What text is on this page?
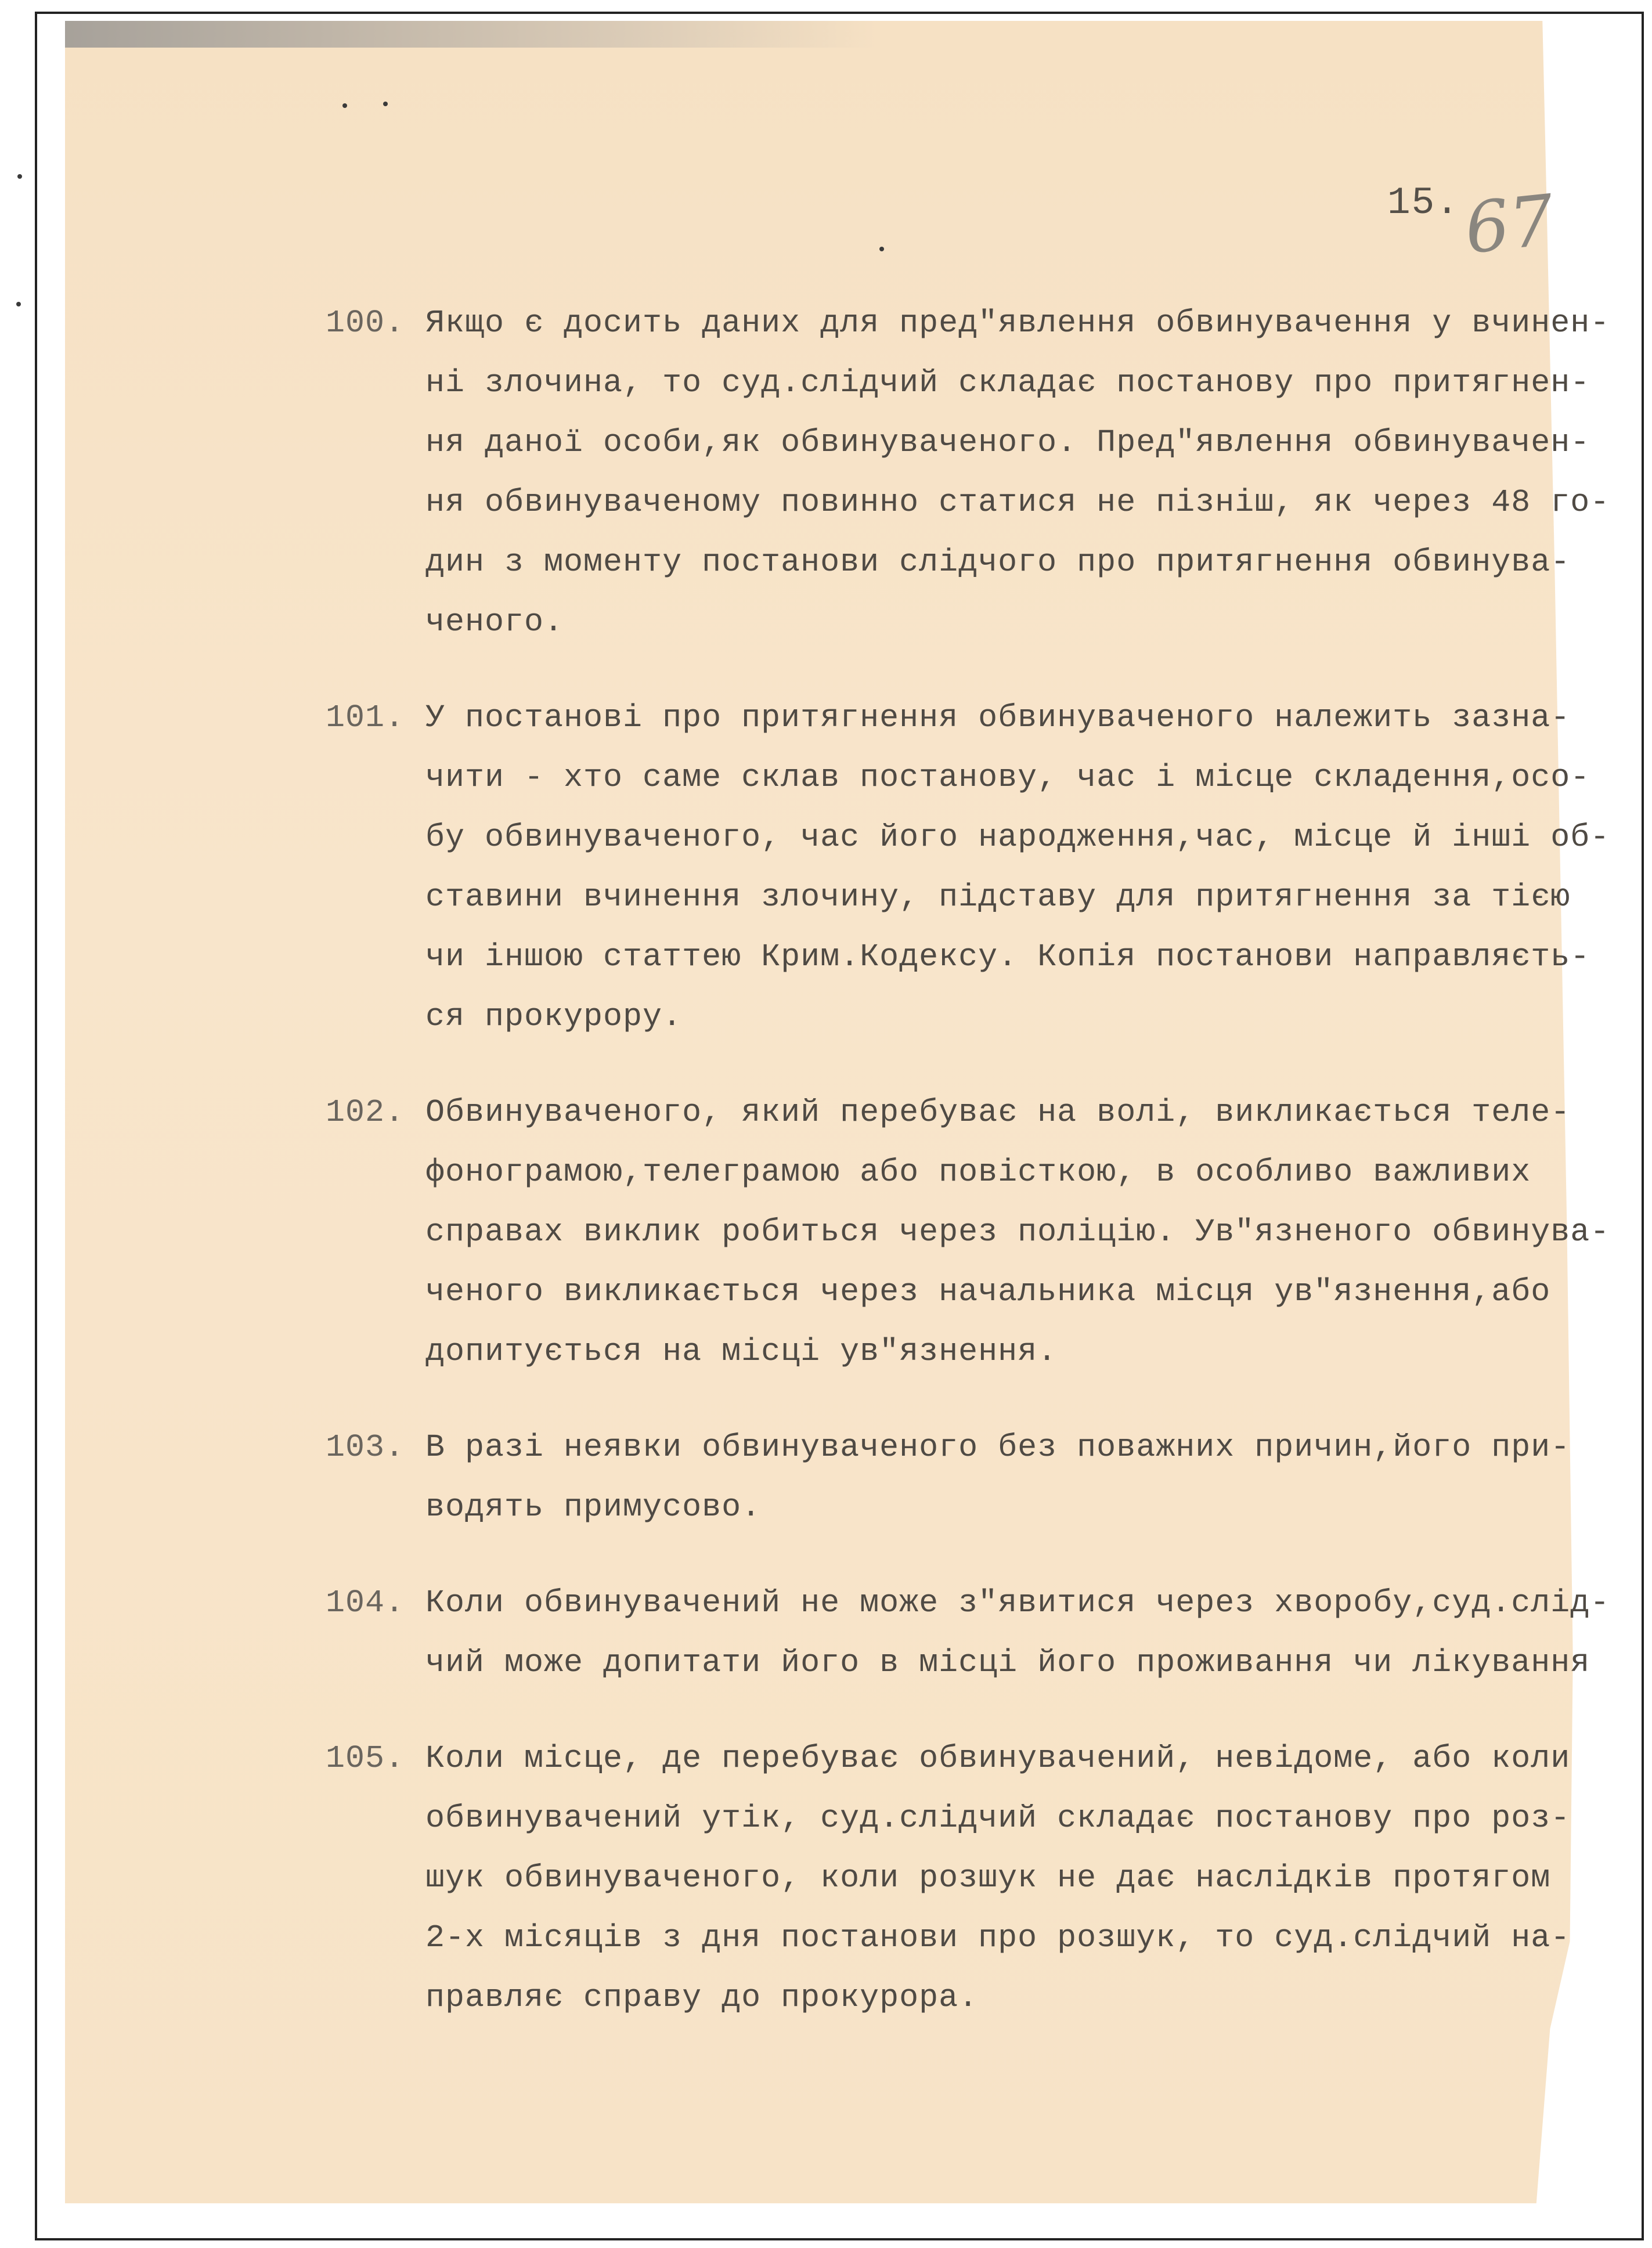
15. 67
100. Якщо є досить даних для пред"явлення обвинувачення у вчинен-
ні злочина, то суд.слідчий складає постанову про притягнен-
ня даної особи,як обвинуваченого. Пред"явлення обвинувачен-
ня обвинуваченому повинно статися не пізніш, як через 48 го-
дин з моменту постанови слідчого про притягнення обвинува-
ченого.
101. У постанові про притягнення обвинуваченого належить зазна-
чити - хто саме склав постанову, час і місце складення,осо-
бу обвинуваченого, час його народження,час, місце й інші об-
ставини вчинення злочину, підставу для притягнення за тією
чи іншою статтею Крим.Кодексу. Копія постанови направляєть-
ся прокурору.
102. Обвинуваченого, який перебуває на волі, викликається теле-
фонограмою,телеграмою або повісткою, в особливо важливих
справах виклик робиться через поліцію. Ув"язненого обвинува-
ченого викликається через начальника місця ув"язнення,або
допитується на місці ув"язнення.
103. В разі неявки обвинуваченого без поважних причин,його при-
водять примусово.
104. Коли обвинувачений не може з"явитися через хворобу,суд.слід-
чий може допитати його в місці його проживання чи лікування
105. Коли місце, де перебуває обвинувачений, невідоме, або коли
обвинувачений утік, суд.слідчий складає постанову про роз-
шук обвинуваченого, коли розшук не дає наслідків протягом
2-х місяців з дня постанови про розшук, то суд.слідчий на-
правляє справу до прокурора.
